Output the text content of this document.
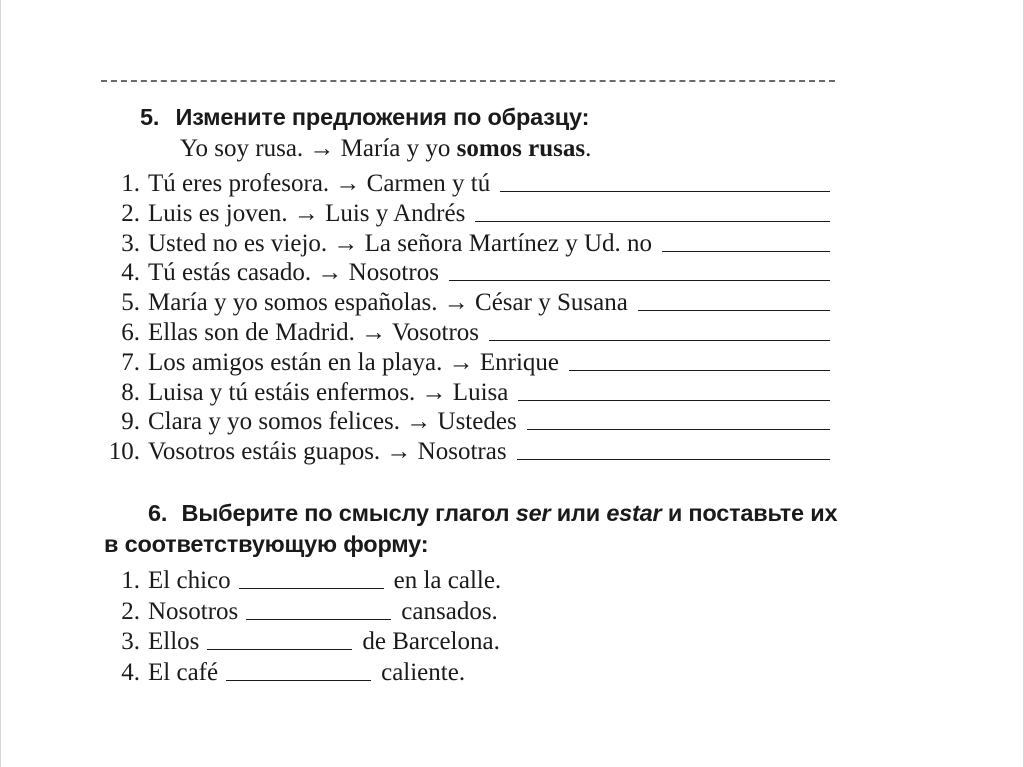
5. Измените предложения по образцу:
Yo soy rusa. → María y yo somos rusas.
1. Tú eres profesora. → Carmen y tú
2. Luis es joven. → Luis y Andrés
3. Usted no es viejo. → La señora Martínez y Ud. no
4. Tú estás casado. → Nosotros
5. María y yo somos españolas. → César y Susana
6. Ellas son de Madrid. → Vosotros
7. Los amigos están en la playa. → Enrique
8. Luisa y tú estáis enfermos. → Luisa
9. Clara y yo somos felices. → Ustedes
10. Vosotros estáis guapos. → Nosotras
6. Выберите по смыслу глагол ser или estar и поставьте их
в соответствующую форму:
1. El chico	en la calle.
2. Nosotros	cansados.
3. Ellos	de Barcelona.
4. El café	caliente.
